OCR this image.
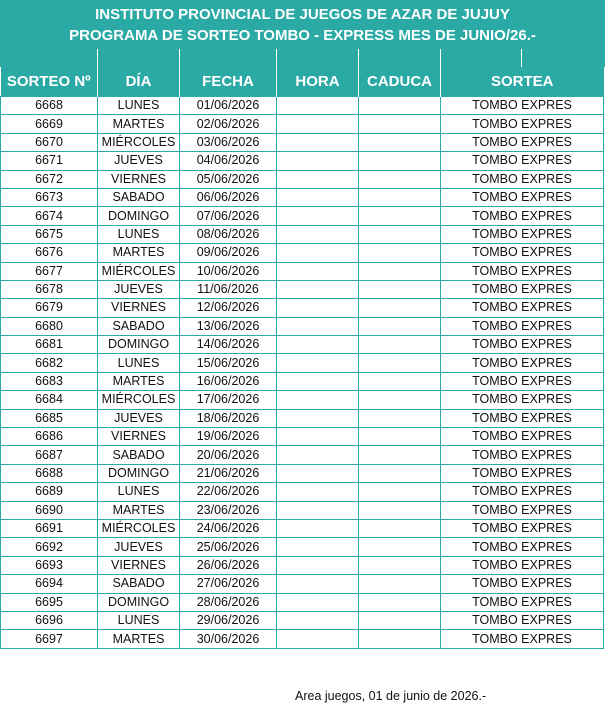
INSTITUTO PROVINCIAL DE JUEGOS DE AZAR DE JUJUY
PROGRAMA DE SORTEO TOMBO - EXPRESS MES DE JUNIO/26.-
SORTEO Nº	DÍA	FECHA	HORA	CADUCA	SORTEA
6668	LUNES	01/06/2026			TOMBO EXPRES
6669	MARTES	02/06/2026			TOMBO EXPRES
6670	MIÉRCOLES	03/06/2026			TOMBO EXPRES
6671	JUEVES	04/06/2026			TOMBO EXPRES
6672	VIERNES	05/06/2026			TOMBO EXPRES
6673	SABADO	06/06/2026			TOMBO EXPRES
6674	DOMINGO	07/06/2026			TOMBO EXPRES
6675	LUNES	08/06/2026			TOMBO EXPRES
6676	MARTES	09/06/2026			TOMBO EXPRES
6677	MIÉRCOLES	10/06/2026			TOMBO EXPRES
6678	JUEVES	11/06/2026			TOMBO EXPRES
6679	VIERNES	12/06/2026			TOMBO EXPRES
6680	SABADO	13/06/2026			TOMBO EXPRES
6681	DOMINGO	14/06/2026			TOMBO EXPRES
6682	LUNES	15/06/2026			TOMBO EXPRES
6683	MARTES	16/06/2026			TOMBO EXPRES
6684	MIÉRCOLES	17/06/2026			TOMBO EXPRES
6685	JUEVES	18/06/2026			TOMBO EXPRES
6686	VIERNES	19/06/2026			TOMBO EXPRES
6687	SABADO	20/06/2026			TOMBO EXPRES
6688	DOMINGO	21/06/2026			TOMBO EXPRES
6689	LUNES	22/06/2026			TOMBO EXPRES
6690	MARTES	23/06/2026			TOMBO EXPRES
6691	MIÉRCOLES	24/06/2026			TOMBO EXPRES
6692	JUEVES	25/06/2026			TOMBO EXPRES
6693	VIERNES	26/06/2026			TOMBO EXPRES
6694	SABADO	27/06/2026			TOMBO EXPRES
6695	DOMINGO	28/06/2026			TOMBO EXPRES
6696	LUNES	29/06/2026			TOMBO EXPRES
6697	MARTES	30/06/2026			TOMBO EXPRES
Area juegos, 01 de junio de 2026.-
